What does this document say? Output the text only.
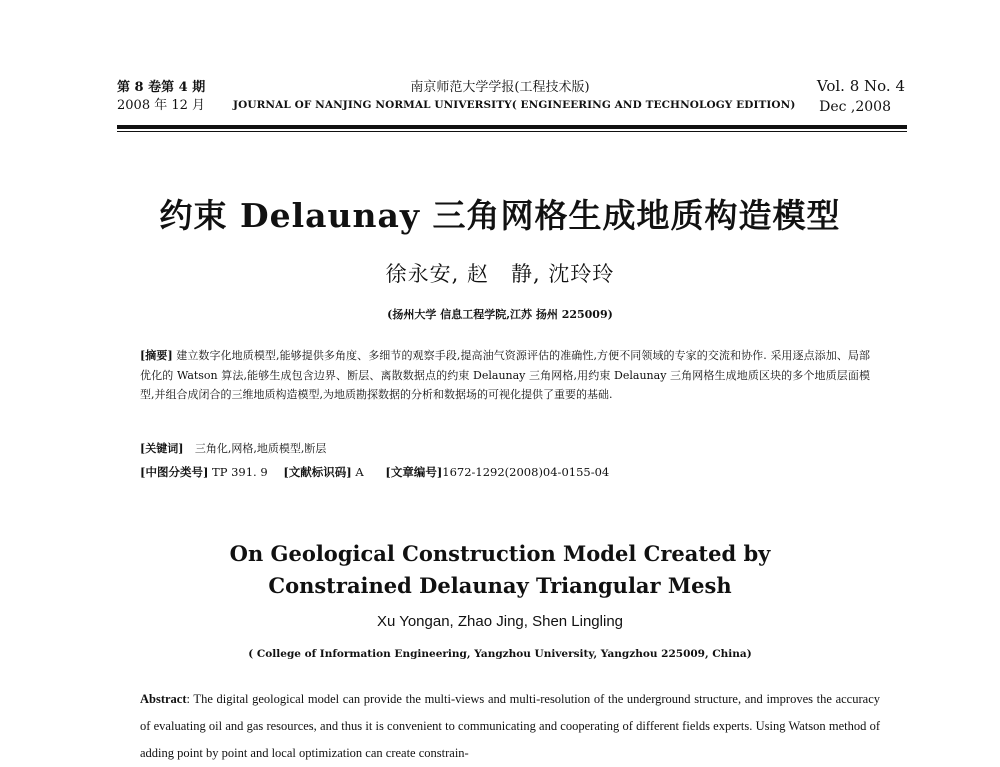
第 8 卷第 4 期
2008 年 12 月
南京师范大学学报(工程技术版)
JOURNAL OF NANJING NORMAL UNIVERSITY( ENGINEERING AND TECHNOLOGY EDITION)
Vol. 8 No. 4
Dec ,2008
约束 Delaunay 三角网格生成地质构造模型
徐永安, 赵　静, 沈玲玲
(扬州大学 信息工程学院,江苏 扬州 225009)
[摘要] 建立数字化地质模型,能够提供多角度、多细节的观察手段,提高油气资源评估的准确性,方便不同领域的专家的交流和协作. 采用逐点添加、局部优化的 Watson 算法,能够生成包含边界、断层、离散数据点的约束 Delaunay 三角网格,用约束 Delaunay 三角网格生成地质区块的多个地质层面模型,并组合成闭合的三维地质构造模型,为地质勘探数据的分析和数据场的可视化提供了重要的基础.
[关键词] 三角化,网格,地质模型,断层
[中图分类号] TP 391. 9 [文献标识码] A [文章编号]1672-1292(2008)04-0155-04
On Geological Construction Model Created by
Constrained Delaunay Triangular Mesh
Xu Yongan, Zhao Jing, Shen Lingling
( College of Information Engineering, Yangzhou University, Yangzhou 225009, China)
Abstract: The digital geological model can provide the multi-views and multi-resolution of the underground structure, and improves the accuracy of evaluating oil and gas resources, and thus it is convenient to communicating and cooperating of different fields experts. Using Watson method of adding point by point and local optimization can create constrain-
